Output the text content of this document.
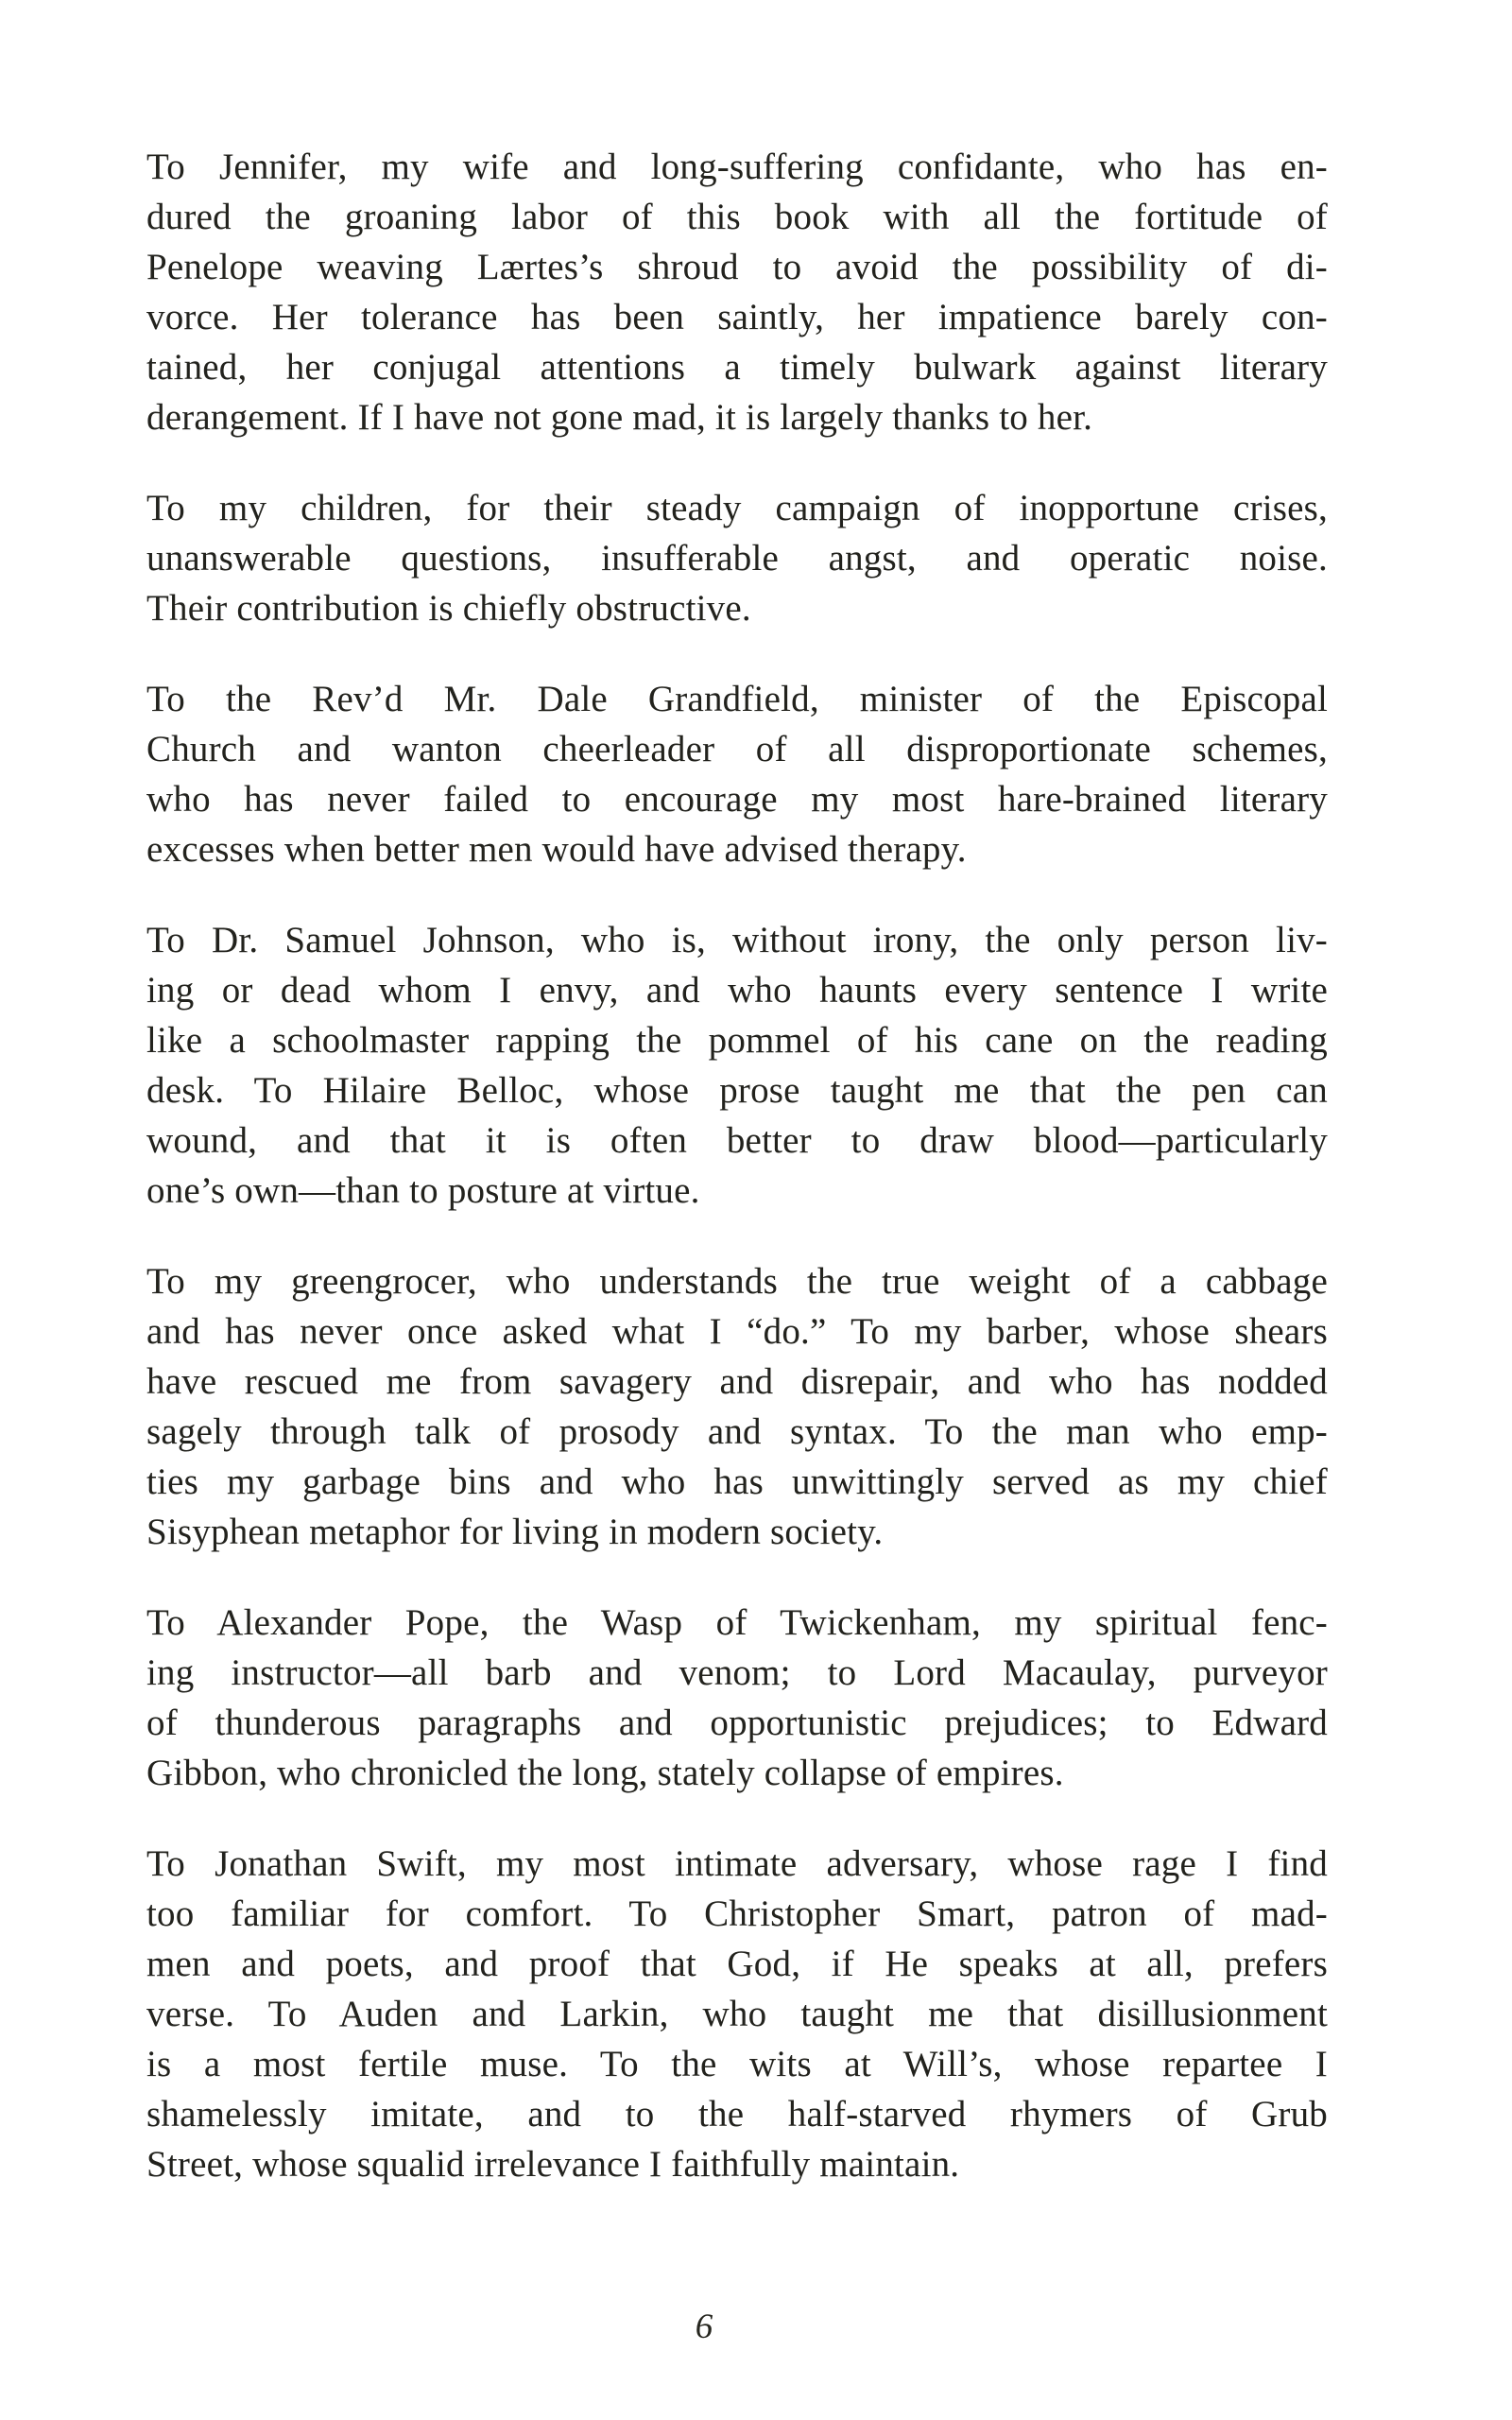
To Jennifer, my wife and long-suffering confidante, who has en-
dured the groaning labor of this book with all the fortitude of
Penelope weaving Lærtes’s shroud to avoid the possibility of di-
vorce. Her tolerance has been saintly, her impatience barely con-
tained, her conjugal attentions a timely bulwark against literary
derangement. If I have not gone mad, it is largely thanks to her.
To my children, for their steady campaign of inopportune crises,
unanswerable questions, insufferable angst, and operatic noise.
Their contribution is chiefly obstructive.
To the Rev’d Mr. Dale Grandfield, minister of the Episcopal
Church and wanton cheerleader of all disproportionate schemes,
who has never failed to encourage my most hare-brained literary
excesses when better men would have advised therapy.
To Dr. Samuel Johnson, who is, without irony, the only person liv-
ing or dead whom I envy, and who haunts every sentence I write
like a schoolmaster rapping the pommel of his cane on the reading
desk. To Hilaire Belloc, whose prose taught me that the pen can
wound, and that it is often better to draw blood—particularly
one’s own—than to posture at virtue.
To my greengrocer, who understands the true weight of a cabbage
and has never once asked what I “do.” To my barber, whose shears
have rescued me from savagery and disrepair, and who has nodded
sagely through talk of prosody and syntax. To the man who emp-
ties my garbage bins and who has unwittingly served as my chief
Sisyphean metaphor for living in modern society.
To Alexander Pope, the Wasp of Twickenham, my spiritual fenc-
ing instructor—all barb and venom; to Lord Macaulay, purveyor
of thunderous paragraphs and opportunistic prejudices; to Edward
Gibbon, who chronicled the long, stately collapse of empires.
To Jonathan Swift, my most intimate adversary, whose rage I find
too familiar for comfort. To Christopher Smart, patron of mad-
men and poets, and proof that God, if He speaks at all, prefers
verse. To Auden and Larkin, who taught me that disillusionment
is a most fertile muse. To the wits at Will’s, whose repartee I
shamelessly imitate, and to the half-starved rhymers of Grub
Street, whose squalid irrelevance I faithfully maintain.
6
